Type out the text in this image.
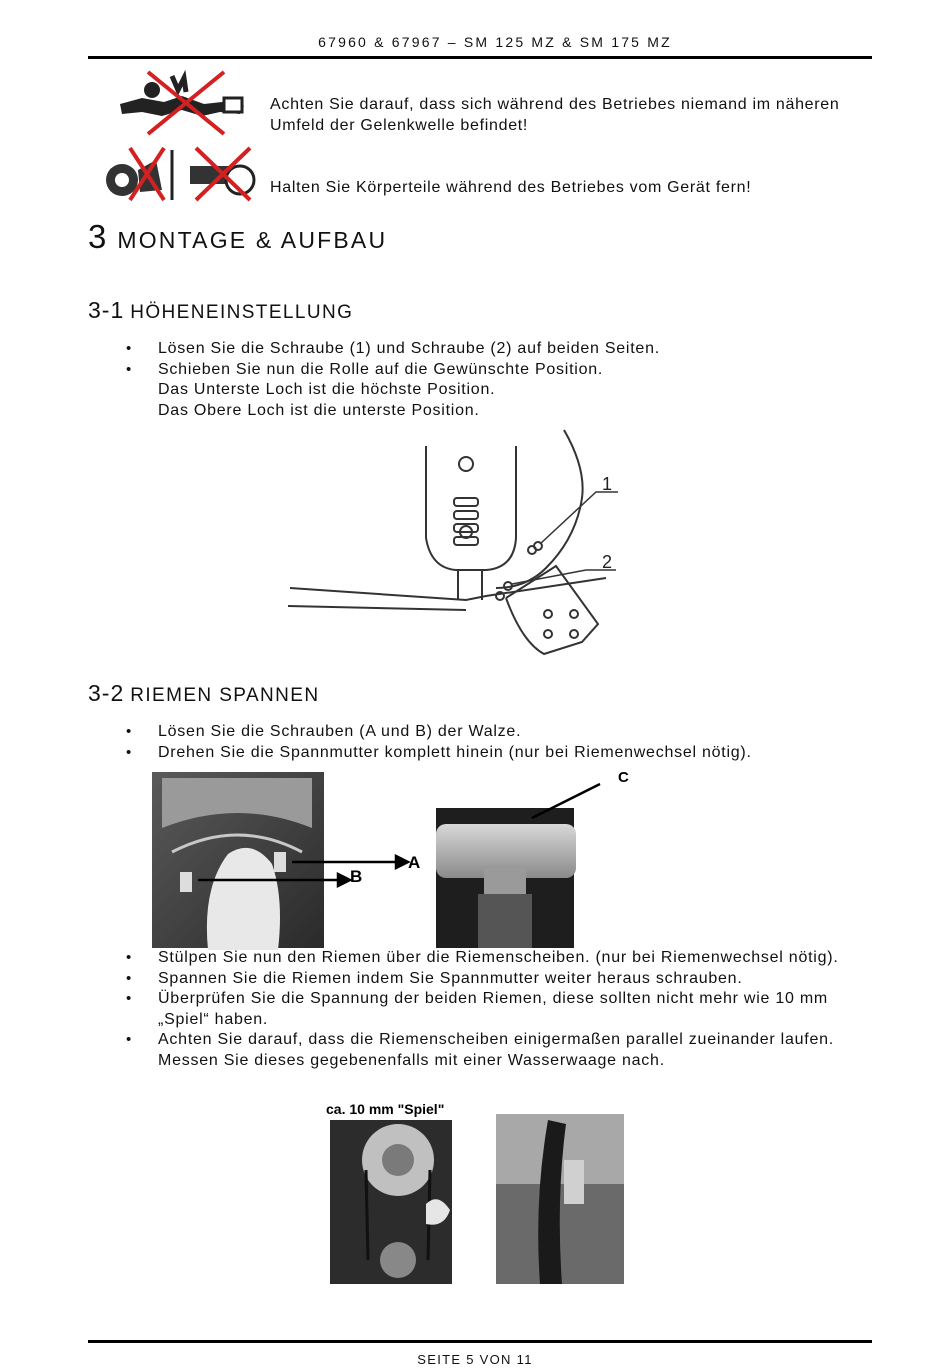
67960 & 67967 – SM 125 MZ & SM 175 MZ
Achten Sie darauf, dass sich während des Betriebes niemand im näheren Umfeld der Gelenkwelle befindet!
Halten Sie Körperteile während des Betriebes vom Gerät fern!
3 MONTAGE & AUFBAU
3-1 HÖHENEINSTELLUNG
• Lösen Sie die Schraube (1) und Schraube (2) auf beiden Seiten.
• Schieben Sie nun die Rolle auf die Gewünschte Position.
Das Unterste Loch ist die höchste Position.
Das Obere Loch ist die unterste Position.
1
2
3-2 RIEMEN SPANNEN
• Lösen Sie die Schrauben (A und B) der Walze.
• Drehen Sie die Spannmutter komplett hinein (nur bei Riemenwechsel nötig).
A
B
C
• Stülpen Sie nun den Riemen über die Riemenscheiben. (nur bei Riemenwechsel nötig).
• Spannen Sie die Riemen indem Sie Spannmutter weiter heraus schrauben.
• Überprüfen Sie die Spannung der beiden Riemen, diese sollten nicht mehr wie 10 mm „Spiel“ haben.
• Achten Sie darauf, dass die Riemenscheiben einigermaßen parallel zueinander laufen. Messen Sie dieses gegebenenfalls mit einer Wasserwaage nach.
ca. 10 mm "Spiel"
SEITE 5 VON 11
